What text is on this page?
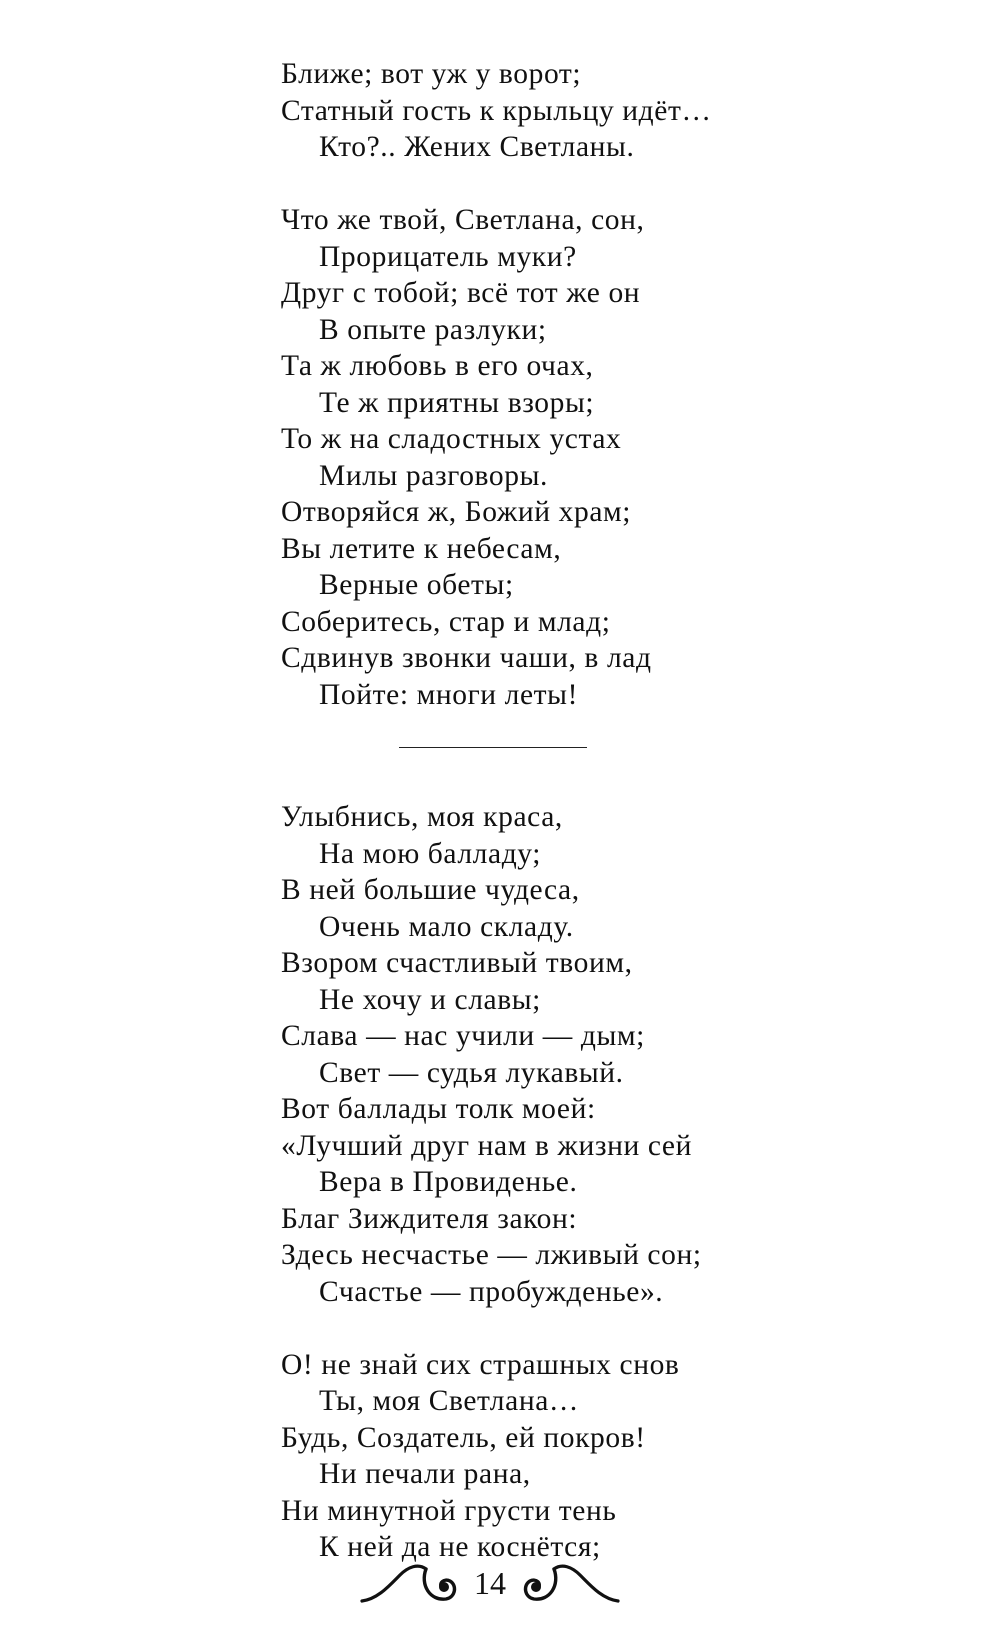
Ближе; вот уж у ворот;
Статный гость к крыльцу идёт…
Кто?.. Жених Светланы.
Что же твой, Светлана, сон,
Прорицатель муки?
Друг с тобой; всё тот же он
В опыте разлуки;
Та ж любовь в его очах,
Те ж приятны взоры;
То ж на сладостных устах
Милы разговоры.
Отворяйся ж, Божий храм;
Вы летите к небесам,
Верные обеты;
Соберитесь, стар и млад;
Сдвинув звонки чаши, в лад
Пойте: многи леты!
Улыбнись, моя краса,
На мою балладу;
В ней большие чудеса,
Очень мало складу.
Взором счастливый твоим,
Не хочу и славы;
Слава — нас учили — дым;
Свет — судья лукавый.
Вот баллады толк моей:
«Лучший друг нам в жизни сей
Вера в Провиденье.
Благ Зиждителя закон:
Здесь несчастье — лживый сон;
Счастье — пробужденье».
О! не знай сих страшных снов
Ты, моя Светлана…
Будь, Создатель, ей покров!
Ни печали рана,
Ни минутной грусти тень
К ней да не коснётся;
14
